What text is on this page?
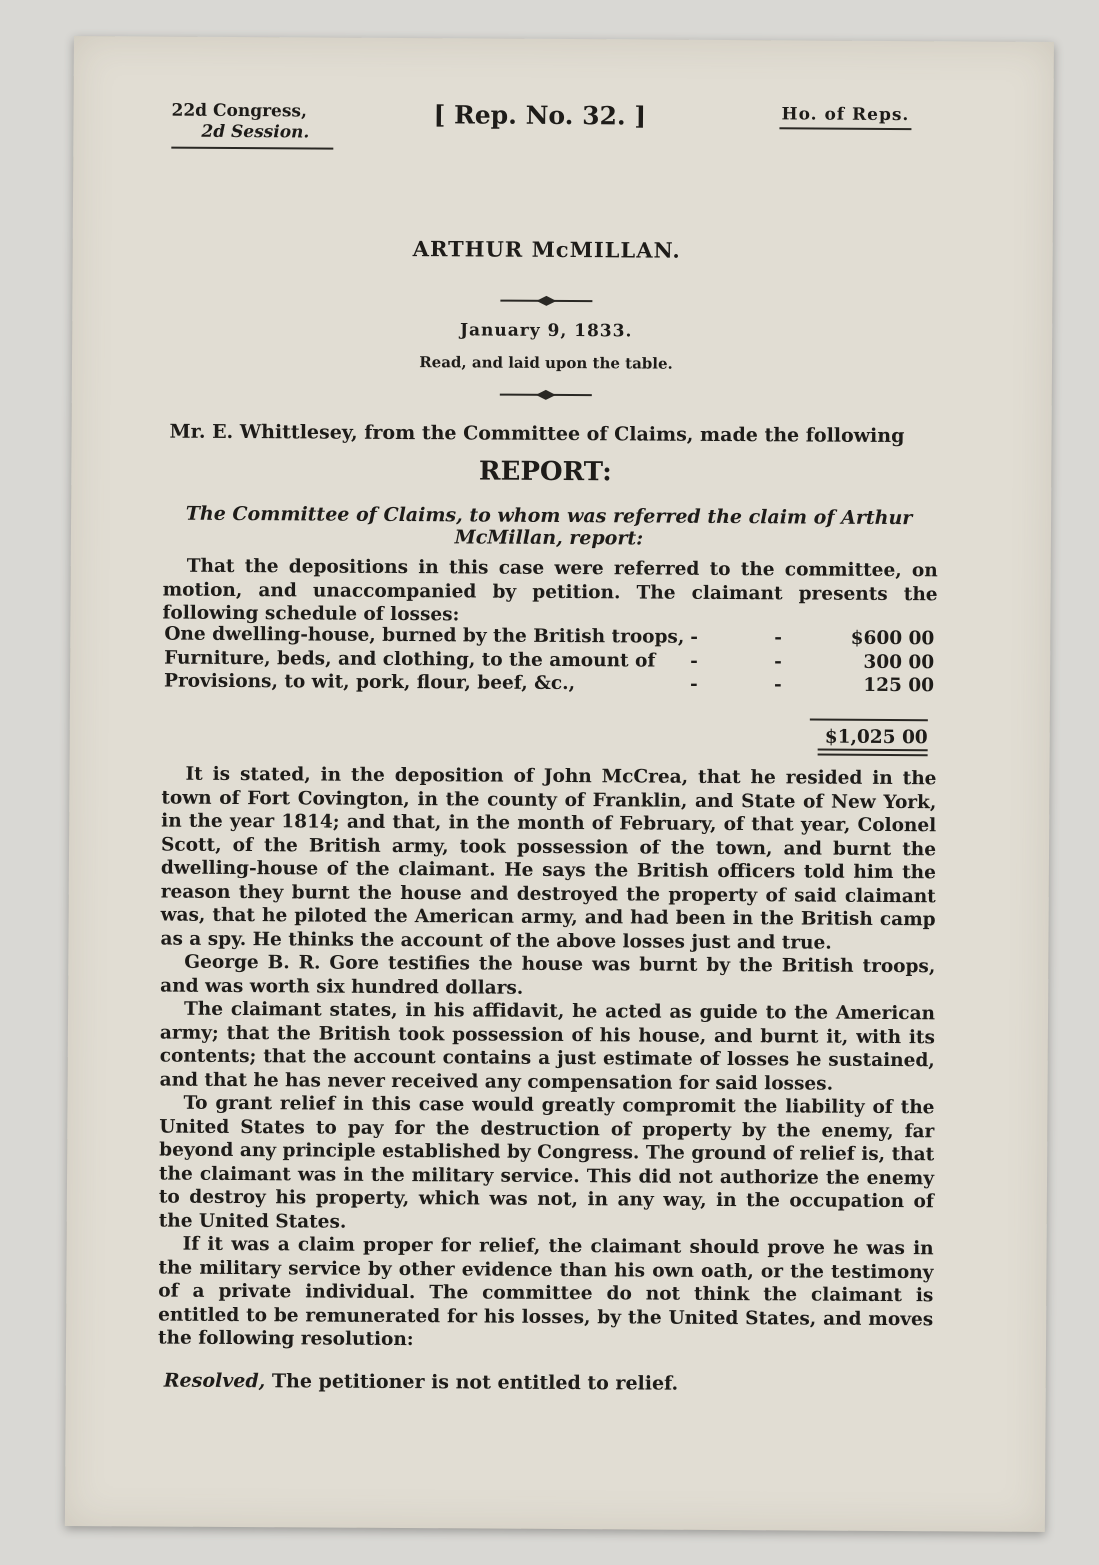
22d Congress,
2d Session.
[ Rep. No. 32. ]	Ho. of Reps.
ARTHUR McMILLAN.
January 9, 1833.
Read, and laid upon the table.
Mr. E. Whittlesey, from the Committee of Claims, made the following
REPORT:
The Committee of Claims, to whom was referred the claim of Arthur McMillan, report:

That the depositions in this case were referred to the committee, on motion, and unaccompanied by petition. The claimant presents the following schedule of losses:

One dwelling-house, burned by the British troops, -	-	$600 00
Furniture, beds, and clothing, to the amount of -	-	300 00
Provisions, to wit, pork, flour, beef, &c.,	-	-	125 00
$1,025 00

It is stated, in the deposition of John McCrea, that he resided in the town of Fort Covington, in the county of Franklin, and State of New York, in the year 1814; and that, in the month of February, of that year, Colonel Scott, of the British army, took possession of the town, and burnt the dwelling-house of the claimant. He says the British officers told him the reason they burnt the house and destroyed the property of said claimant was, that he piloted the American army, and had been in the British camp as a spy. He thinks the account of the above losses just and true.

George B. R. Gore testifies the house was burnt by the British troops, and was worth six hundred dollars.

The claimant states, in his affidavit, he acted as guide to the American army; that the British took possession of his house, and burnt it, with its contents; that the account contains a just estimate of losses he sustained, and that he has never received any compensation for said losses.

To grant relief in this case would greatly compromit the liability of the United States to pay for the destruction of property by the enemy, far beyond any principle established by Congress. The ground of relief is, that the claimant was in the military service. This did not authorize the enemy to destroy his property, which was not, in any way, in the occupation of the United States.

If it was a claim proper for relief, the claimant should prove he was in the military service by other evidence than his own oath, or the testimony of a private individual. The committee do not think the claimant is entitled to be remunerated for his losses, by the United States, and moves the following resolution:

Resolved, The petitioner is not entitled to relief.
